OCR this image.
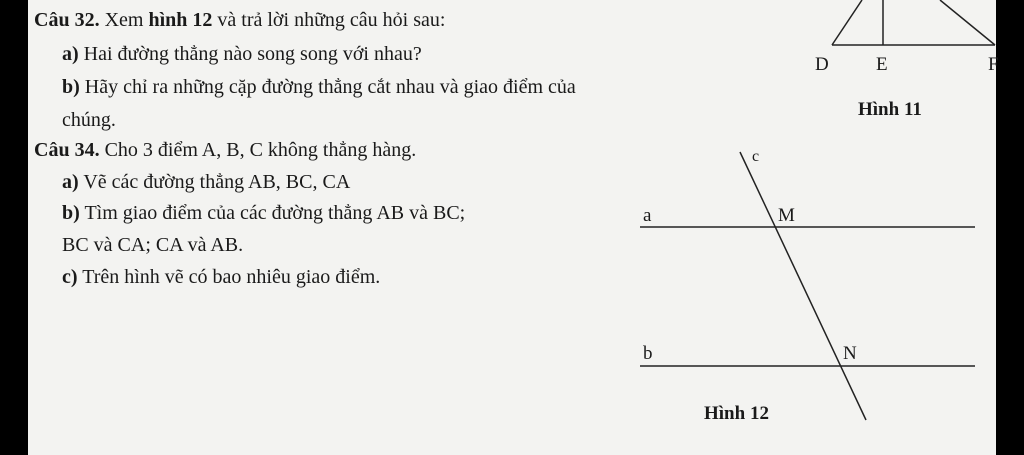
Câu 32. Xem hình 12 và trả lời những câu hỏi sau:
a) Hai đường thẳng nào song song với nhau?
b) Hãy chỉ ra những cặp đường thẳng cắt nhau và giao điểm của
chúng.
Câu 34. Cho 3 điểm A, B, C không thẳng hàng.
a) Vẽ các đường thẳng AB, BC, CA
b) Tìm giao điểm của các đường thẳng AB và BC;
BC và CA; CA và AB.
c) Trên hình vẽ có bao nhiêu giao điểm.
D E	F
Hình 11
c
a	M
b	N
Hình 12
